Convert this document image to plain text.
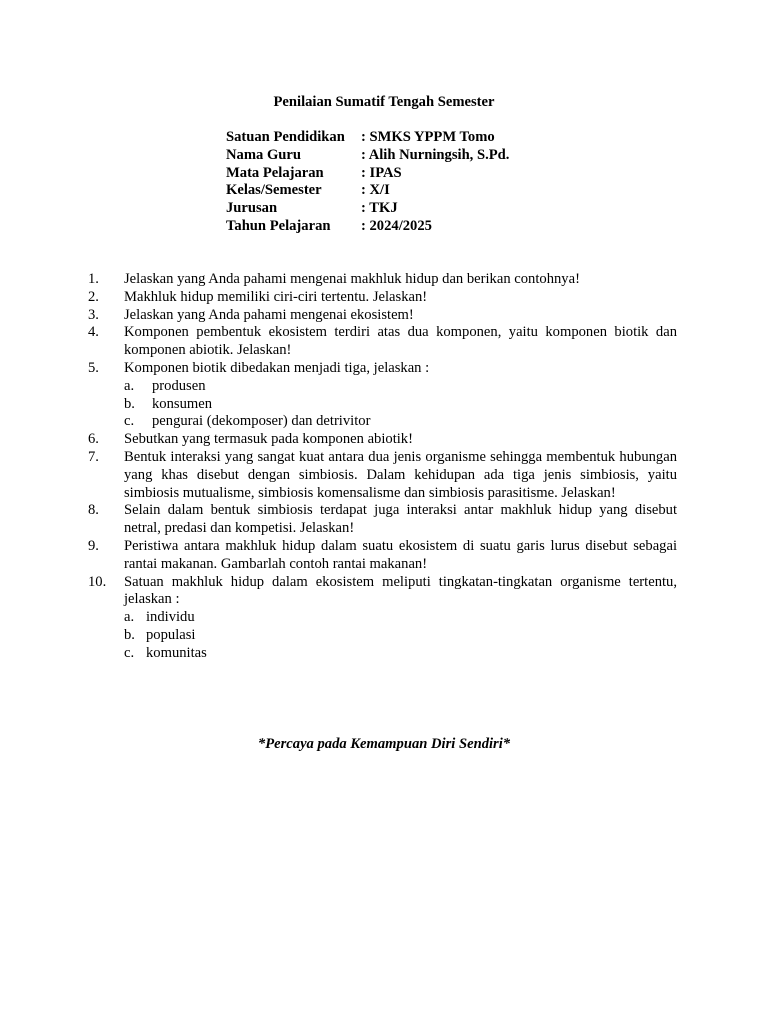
Penilaian Sumatif Tengah Semester
Satuan Pendidikan	: SMKS YPPM Tomo
Nama Guru	: Alih Nurningsih, S.Pd.
Mata Pelajaran	: IPAS
Kelas/Semester	: X/I
Jurusan	: TKJ
Tahun Pelajaran	: 2024/2025
1.	Jelaskan yang Anda pahami mengenai makhluk hidup dan berikan contohnya!
2.	Makhluk hidup memiliki ciri-ciri tertentu. Jelaskan!
3.	Jelaskan yang Anda pahami mengenai ekosistem!
4.	Komponen pembentuk ekosistem terdiri atas dua komponen, yaitu komponen biotik dan komponen abiotik. Jelaskan!
5.	Komponen biotik dibedakan menjadi tiga, jelaskan :
a.	produsen
b.	konsumen
c.	pengurai (dekomposer) dan detrivitor
6.	Sebutkan yang termasuk pada komponen abiotik!
7.	Bentuk interaksi yang sangat kuat antara dua jenis organisme sehingga membentuk hubungan yang khas disebut dengan simbiosis. Dalam kehidupan ada tiga jenis simbiosis, yaitu simbiosis mutualisme, simbiosis komensalisme dan simbiosis parasitisme. Jelaskan!
8.	Selain dalam bentuk simbiosis terdapat juga interaksi antar makhluk hidup yang disebut netral, predasi dan kompetisi. Jelaskan!
9.	Peristiwa antara makhluk hidup dalam suatu ekosistem di suatu garis lurus disebut sebagai rantai makanan. Gambarlah contoh rantai makanan!
10.	Satuan makhluk hidup dalam ekosistem meliputi tingkatan-tingkatan organisme tertentu, jelaskan :
a. individu
b. populasi
c. komunitas

*Percaya pada Kemampuan Diri Sendiri*
